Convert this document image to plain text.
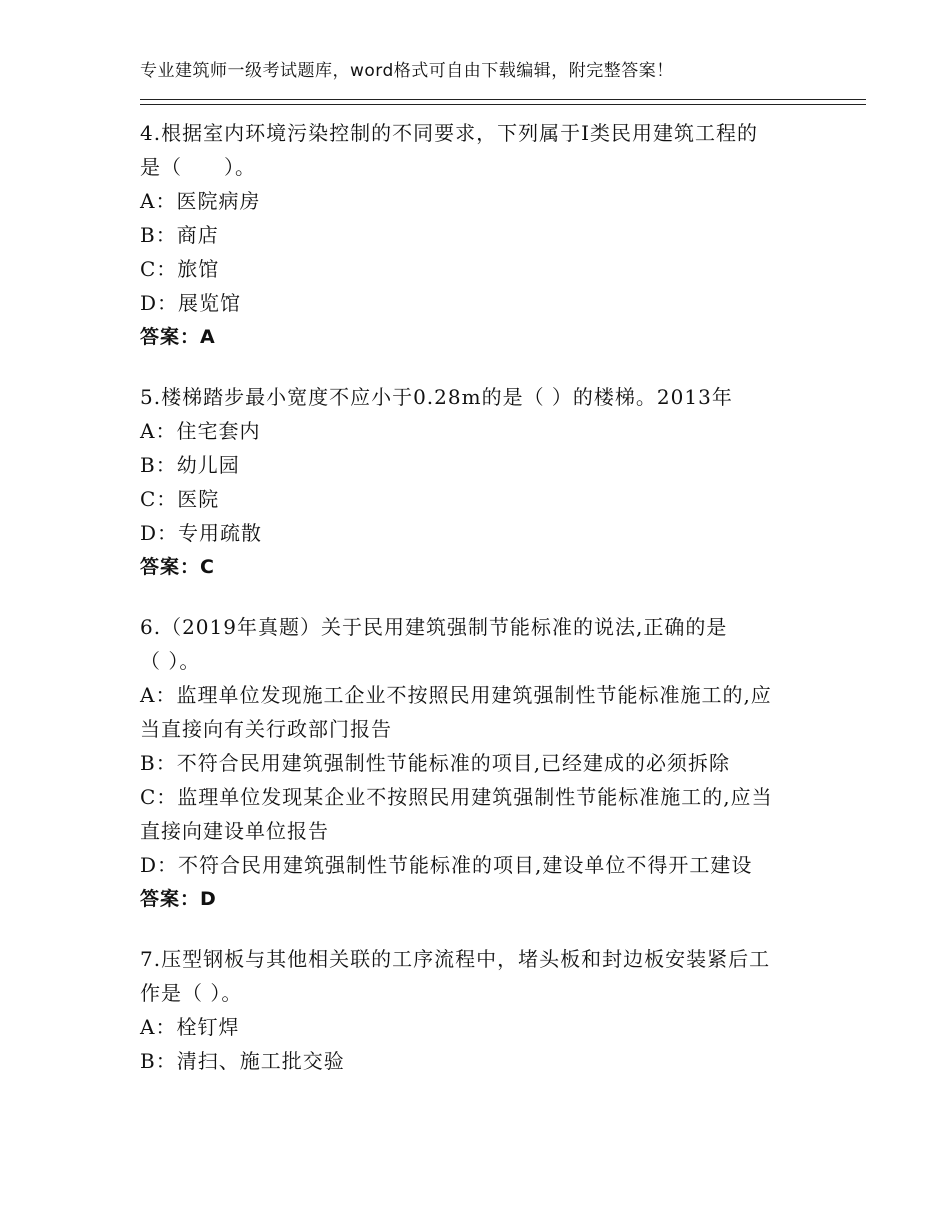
专业建筑师一级考试题库，word格式可自由下载编辑，附完整答案！
4.根据室内环境污染控制的不同要求，下列属于Ⅰ类民用建筑工程的
是（　　）。
A：医院病房
B：商店
C：旅馆
D：展览馆
答案：A
5.楼梯踏步最小宽度不应小于0.28m的是（ ）的楼梯。2013年
A：住宅套内
B：幼儿园
C：医院
D：专用疏散
答案：C
6.（2019年真题）关于民用建筑强制节能标准的说法,正确的是
（ ）。
A：监理单位发现施工企业不按照民用建筑强制性节能标准施工的,应
当直接向有关行政部门报告
B：不符合民用建筑强制性节能标准的项目,已经建成的必须拆除
C：监理单位发现某企业不按照民用建筑强制性节能标准施工的,应当
直接向建设单位报告
D：不符合民用建筑强制性节能标准的项目,建设单位不得开工建设
答案：D
7.压型钢板与其他相关联的工序流程中，堵头板和封边板安装紧后工
作是（ ）。
A：栓钉焊
B：清扫、施工批交验
